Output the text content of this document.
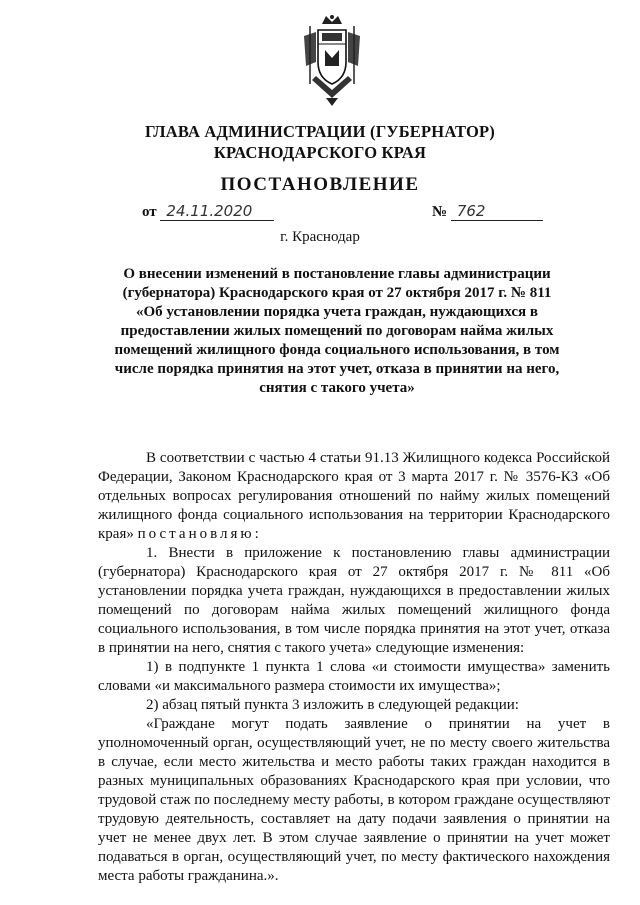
ГЛАВА АДМИНИСТРАЦИИ (ГУБЕРНАТОР)
КРАСНОДАРСКОГО КРАЯ
ПОСТАНОВЛЕНИЕ
от 24.11.2020	№ 762
г. Краснодар
О внесении изменений в постановление главы администрации (губернатора) Краснодарского края от 27 октября 2017 г. № 811 «Об установлении порядка учета граждан, нуждающихся в предоставлении жилых помещений по договорам найма жилых помещений жилищного фонда социального использования, в том числе порядка принятия на этот учет, отказа в принятии на него, снятия с такого учета»

В соответствии с частью 4 статьи 91.13 Жилищного кодекса Российской Федерации, Законом Краснодарского края от 3 марта 2017 г. № 3576-КЗ «Об отдельных вопросах регулирования отношений по найму жилых помещений жилищного фонда социального использования на территории Краснодарского края» постановляю:

1. Внести в приложение к постановлению главы администрации (губернатора) Краснодарского края от 27 октября 2017 г. № 811 «Об установлении порядка учета граждан, нуждающихся в предоставлении жилых помещений по договорам найма жилых помещений жилищного фонда социального использования, в том числе порядка принятия на этот учет, отказа в принятии на него, снятия с такого учета» следующие изменения:

1) в подпункте 1 пункта 1 слова «и стоимости имущества» заменить словами «и максимального размера стоимости их имущества»;

2) абзац пятый пункта 3 изложить в следующей редакции:

«Граждане могут подать заявление о принятии на учет в уполномоченный орган, осуществляющий учет, не по месту своего жительства в случае, если место жительства и место работы таких граждан находится в разных муниципальных образованиях Краснодарского края при условии, что трудовой стаж по последнему месту работы, в котором граждане осуществляют трудовую деятельность, составляет на дату подачи заявления о принятии на учет не менее двух лет. В этом случае заявление о принятии на учет может подаваться в орган, осуществляющий учет, по месту фактического нахождения места работы гражданина.».
